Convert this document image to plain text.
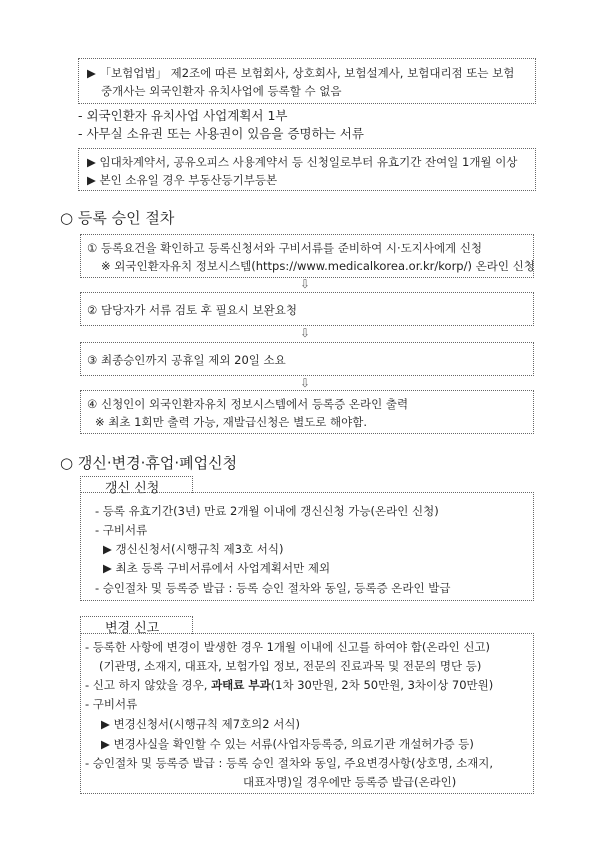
▶ 「보험업법」 제2조에 따른 보험회사, 상호회사, 보험설계사, 보험대리점 또는 보험
중개사는 외국인환자 유치사업에 등록할 수 없음
- 외국인환자 유치사업 사업계획서 1부
- 사무실 소유권 또는 사용권이 있음을 증명하는 서류
▶ 임대차계약서, 공유오피스 사용계약서 등 신청일로부터 유효기간 잔여일 1개월 이상
▶ 본인 소유일 경우 부동산등기부등본
○ 등록 승인 절차
① 등록요건을 확인하고 등록신청서와 구비서류를 준비하여 시·도지사에게 신청
※ 외국인환자유치 정보시스템(https://www.medicalkorea.or.kr/korp/) 온라인 신청
⇩
② 담당자가 서류 검토 후 필요시 보완요청
⇩
③ 최종승인까지 공휴일 제외 20일 소요
⇩
④ 신청인이 외국인환자유치 정보시스템에서 등록증 온라인 출력
※ 최초 1회만 출력 가능, 재발급신청은 별도로 해야함.
○ 갱신·변경·휴업·폐업신청
갱신 신청
- 등록 유효기간(3년) 만료 2개월 이내에 갱신신청 가능(온라인 신청)
- 구비서류
▶ 갱신신청서(시행규칙 제3호 서식)
▶ 최초 등록 구비서류에서 사업계획서만 제외
- 승인절차 및 등록증 발급 : 등록 승인 절차와 동일, 등록증 온라인 발급
변경 신고
- 등록한 사항에 변경이 발생한 경우 1개월 이내에 신고를 하여야 함(온라인 신고)
(기관명, 소재지, 대표자, 보험가입 정보, 전문의 진료과목 및 전문의 명단 등)
- 신고 하지 않았을 경우, 과태료 부과(1차 30만원, 2차 50만원, 3차이상 70만원)
- 구비서류
▶ 변경신청서(시행규칙 제7호의2 서식)
▶ 변경사실을 확인할 수 있는 서류(사업자등록증, 의료기관 개설허가증 등)
- 승인절차 및 등록증 발급 : 등록 승인 절차와 동일, 주요변경사항(상호명, 소재지,
대표자명)일 경우에만 등록증 발급(온라인)
